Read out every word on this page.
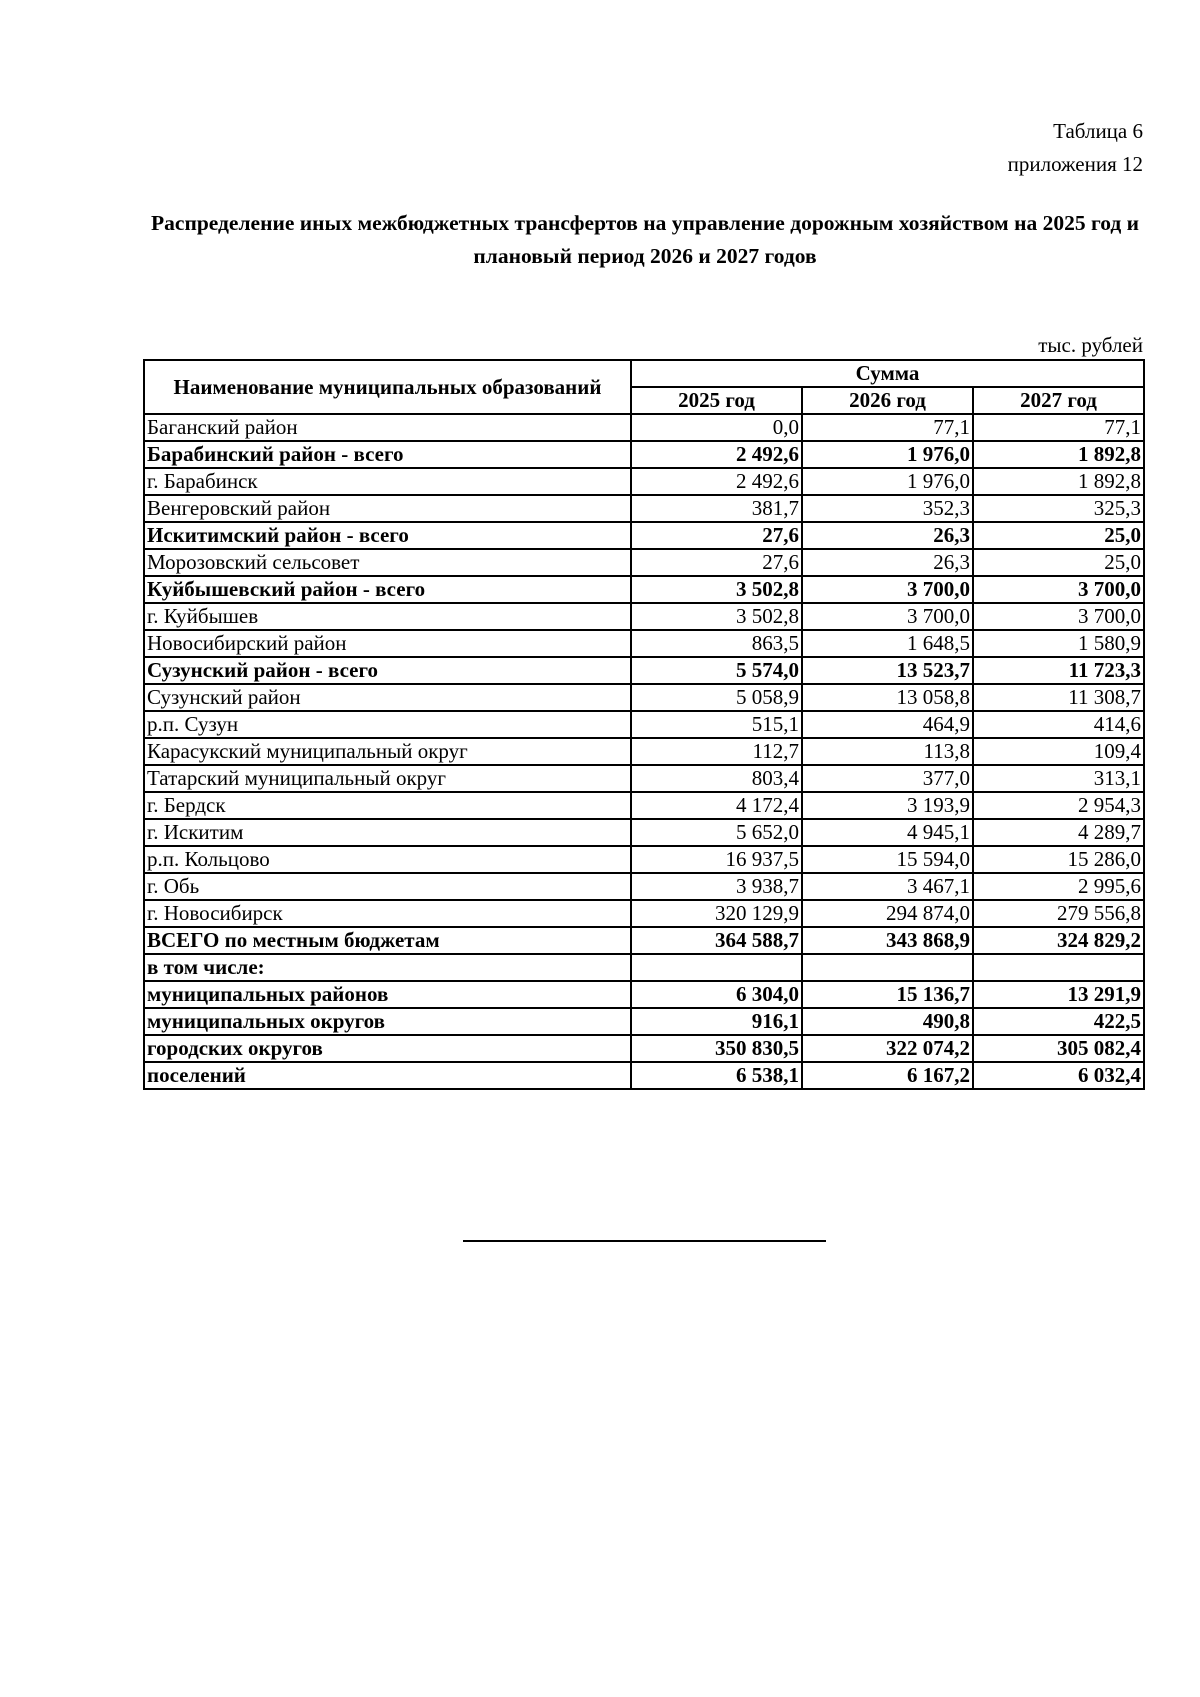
Таблица 6
приложения 12
Распределение иных межбюджетных трансфертов на управление дорожным хозяйством на 2025 год и плановый период 2026 и 2027 годов
тыс. рублей
Наименование муниципальных образований	Сумма		
	2025 год	2026 год	2027 год
Баганский район	0,0	77,1	77,1
Барабинский район - всего	2 492,6	1 976,0	1 892,8
г. Барабинск	2 492,6	1 976,0	1 892,8
Венгеровский район	381,7	352,3	325,3
Искитимский район - всего	27,6	26,3	25,0
Морозовский сельсовет	27,6	26,3	25,0
Куйбышевский район - всего	3 502,8	3 700,0	3 700,0
г. Куйбышев	3 502,8	3 700,0	3 700,0
Новосибирский район	863,5	1 648,5	1 580,9
Сузунский район - всего	5 574,0	13 523,7	11 723,3
Сузунский район	5 058,9	13 058,8	11 308,7
р.п. Сузун	515,1	464,9	414,6
Карасукский муниципальный округ	112,7	113,8	109,4
Татарский муниципальный округ	803,4	377,0	313,1
г. Бердск	4 172,4	3 193,9	2 954,3
г. Искитим	5 652,0	4 945,1	4 289,7
р.п. Кольцово	16 937,5	15 594,0	15 286,0
г. Обь	3 938,7	3 467,1	2 995,6
г. Новосибирск	320 129,9	294 874,0	279 556,8
ВСЕГО по местным бюджетам	364 588,7	343 868,9	324 829,2
в том числе:			
муниципальных районов	6 304,0	15 136,7	13 291,9
муниципальных округов	916,1	490,8	422,5
городских округов	350 830,5	322 074,2	305 082,4
поселений	6 538,1	6 167,2	6 032,4
